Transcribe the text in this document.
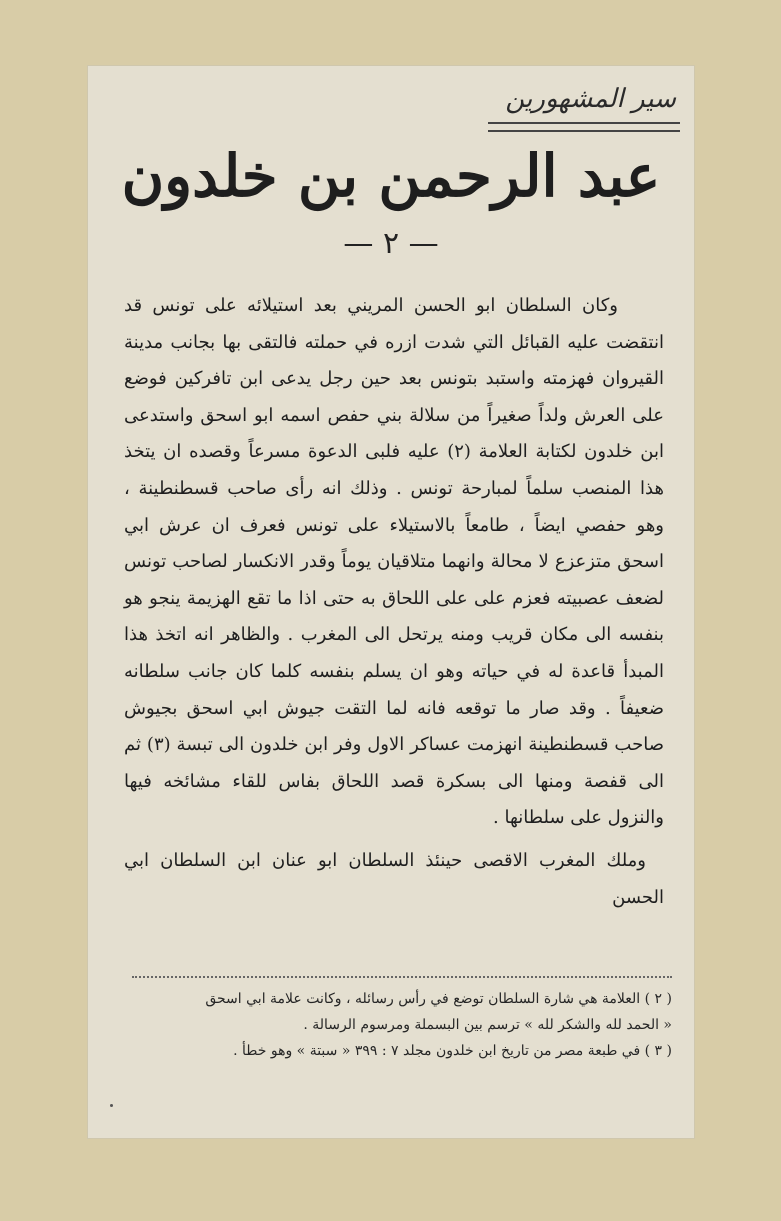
سير المشهورين
عبد الرحمن بن خلدون
— ٢ —

وكان السلطان ابو الحسن المريني بعد استيلائه على تونس قد انتقضت عليه القبائل التي شدت ازره في حملته فالتقى بها بجانب مدينة القيروان فهزمته واستبد بتونس بعد حين رجل يدعى ابن تافركين فوضع على العرش ولداً صغيراً من سلالة بني حفص اسمه ابو اسحق واستدعى ابن خلدون لكتابة العلامة (٢) عليه فلبى الدعوة مسرعاً وقصده ان يتخذ هذا المنصب سلماً لمبارحة تونس . وذلك انه رأى صاحب قسطنطينة ، وهو حفصي ايضاً ، طامعاً بالاستيلاء على تونس فعرف ان عرش ابي اسحق متزعزع لا محالة وانهما متلاقيان يوماً وقدر الانكسار لصاحب تونس لضعف عصبيته فعزم على على اللحاق به حتى اذا ما تقع الهزيمة ينجو هو بنفسه الى مكان قريب ومنه يرتحل الى المغرب . والظاهر انه اتخذ هذا المبدأ قاعدة له في حياته وهو ان يسلم بنفسه كلما كان جانب سلطانه ضعيفاً . وقد صار ما توقعه فانه لما التقت جيوش ابي اسحق بجيوش صاحب قسطنطينة انهزمت عساكر الاول وفر ابن خلدون الى تبسة (٣) ثم الى قفصة ومنها الى بسكرة قصد اللحاق بفاس للقاء مشائخه فيها والنزول على سلطانها .

وملك المغرب الاقصى حينئذ السلطان ابو عنان ابن السلطان ابي الحسن

( ٢ ) العلامة هي شارة السلطان توضع في رأس رسائله ، وكانت علامة ابي اسحق
« الحمد لله والشكر لله » ترسم بين البسملة ومرسوم الرسالة .
( ٣ ) في طبعة مصر من تاريخ ابن خلدون مجلد ٧ : ٣٩٩ « سبتة » وهو خطأ .
